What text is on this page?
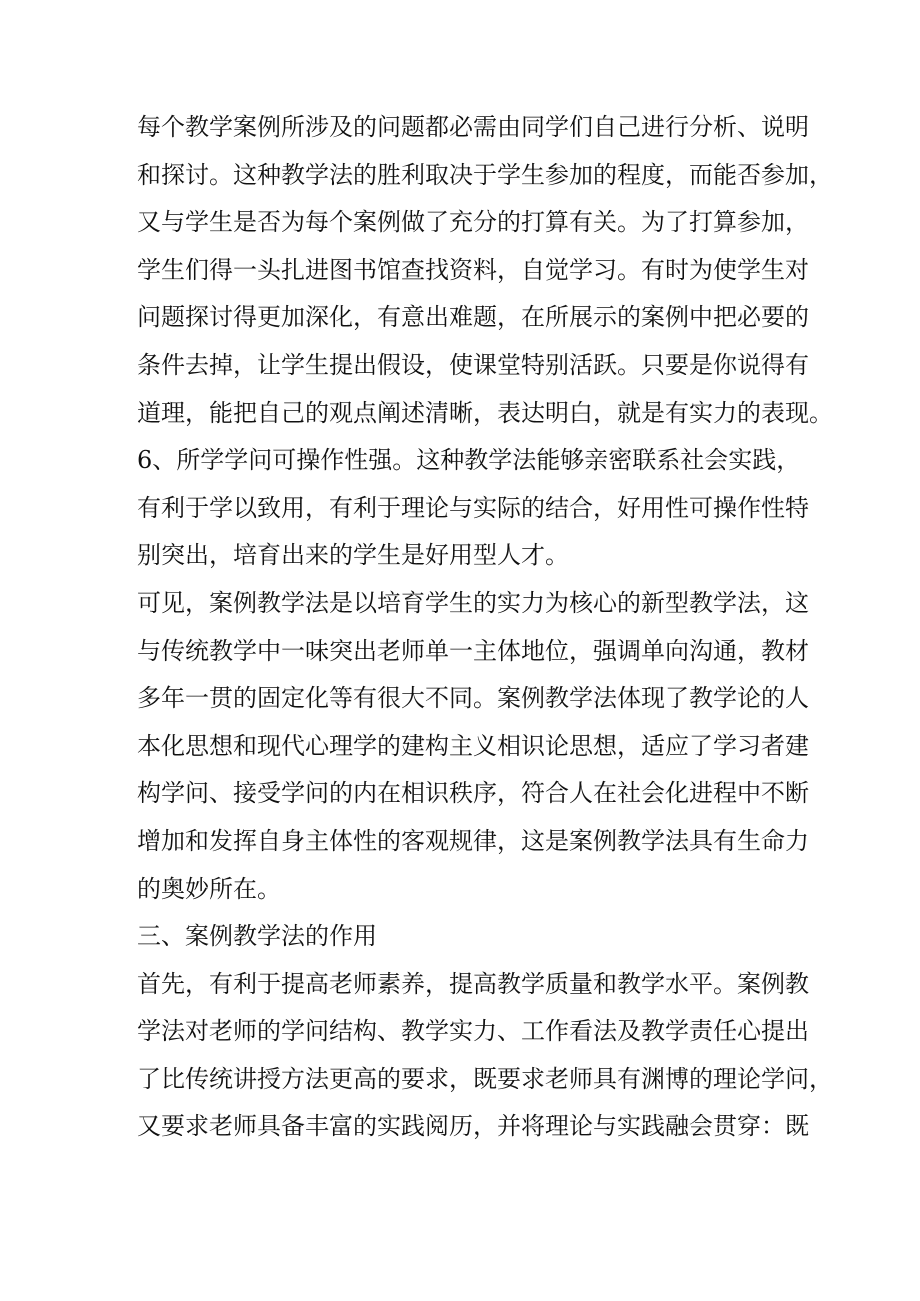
每个教学案例所涉及的问题都必需由同学们自己进行分析、说明
和探讨。这种教学法的胜利取决于学生参加的程度，而能否参加，
又与学生是否为每个案例做了充分的打算有关。为了打算参加，
学生们得一头扎进图书馆查找资料，自觉学习。有时为使学生对
问题探讨得更加深化，有意出难题，在所展示的案例中把必要的
条件去掉，让学生提出假设，使课堂特别活跃。只要是你说得有
道理，能把自己的观点阐述清晰，表达明白，就是有实力的表现。
6、所学学问可操作性强。这种教学法能够亲密联系社会实践，
有利于学以致用，有利于理论与实际的结合，好用性可操作性特
别突出，培育出来的学生是好用型人才。
可见，案例教学法是以培育学生的实力为核心的新型教学法，这
与传统教学中一味突出老师单一主体地位，强调单向沟通，教材
多年一贯的固定化等有很大不同。案例教学法体现了教学论的人
本化思想和现代心理学的建构主义相识论思想，适应了学习者建
构学问、接受学问的内在相识秩序，符合人在社会化进程中不断
增加和发挥自身主体性的客观规律，这是案例教学法具有生命力
的奥妙所在。
三、案例教学法的作用
首先，有利于提高老师素养，提高教学质量和教学水平。案例教
学法对老师的学问结构、教学实力、工作看法及教学责任心提出
了比传统讲授方法更高的要求，既要求老师具有渊博的理论学问，
又要求老师具备丰富的实践阅历，并将理论与实践融会贯穿：既
